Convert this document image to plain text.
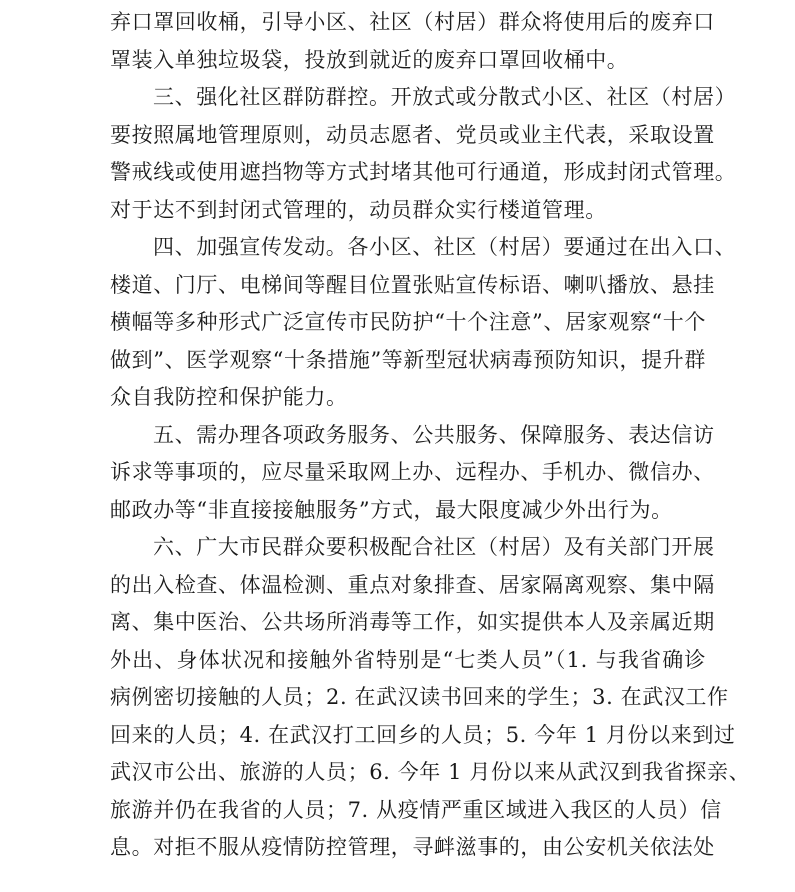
弃口罩回收桶，引导小区、社区（村居）群众将使用后的废弃口
罩装入单独垃圾袋，投放到就近的废弃口罩回收桶中。
三、强化社区群防群控。开放式或分散式小区、社区（村居）
要按照属地管理原则，动员志愿者、党员或业主代表，采取设置
警戒线或使用遮挡物等方式封堵其他可行通道，形成封闭式管理。
对于达不到封闭式管理的，动员群众实行楼道管理。
四、加强宣传发动。各小区、社区（村居）要通过在出入口、
楼道、门厅、电梯间等醒目位置张贴宣传标语、喇叭播放、悬挂
横幅等多种形式广泛宣传市民防护“十个注意”、居家观察“十个
做到”、医学观察“十条措施”等新型冠状病毒预防知识，提升群
众自我防控和保护能力。
五、需办理各项政务服务、公共服务、保障服务、表达信访
诉求等事项的，应尽量采取网上办、远程办、手机办、微信办、
邮政办等“非直接接触服务”方式，最大限度减少外出行为。
六、广大市民群众要积极配合社区（村居）及有关部门开展
的出入检查、体温检测、重点对象排查、居家隔离观察、集中隔
离、集中医治、公共场所消毒等工作，如实提供本人及亲属近期
外出、身体状况和接触外省特别是“七类人员”（1. 与我省确诊
病例密切接触的人员；2. 在武汉读书回来的学生；3. 在武汉工作
回来的人员；4. 在武汉打工回乡的人员；5. 今年 1 月份以来到过
武汉市公出、旅游的人员；6. 今年 1 月份以来从武汉到我省探亲、
旅游并仍在我省的人员；7. 从疫情严重区域进入我区的人员）信
息。对拒不服从疫情防控管理，寻衅滋事的，由公安机关依法处
